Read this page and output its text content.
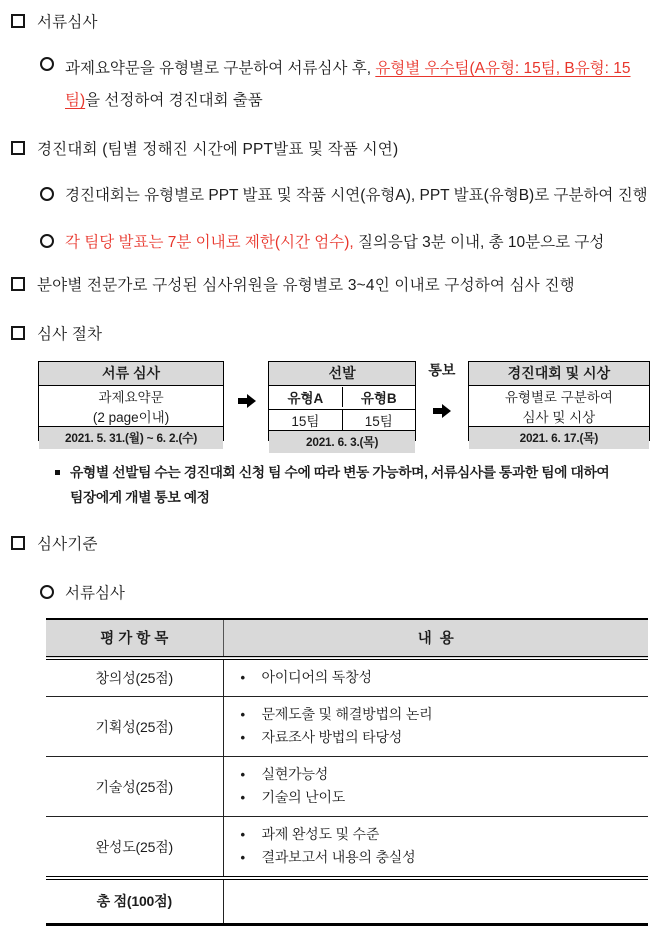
서류심사
과제요약문을 유형별로 구분하여 서류심사 후, 유형별 우수팀(A유형: 15팀, B유형: 15
팀)을 선정하여 경진대회 출품
경진대회 (팀별 정해진 시간에 PPT발표 및 작품 시연)
경진대회는 유형별로 PPT 발표 및 작품 시연(유형A), PPT 발표(유형B)로 구분하여 진행
각 팀당 발표는 7분 이내로 제한(시간 엄수), 질의응답 3분 이내, 총 10분으로 구성
분야별 전문가로 구성된 심사위원을 유형별로 3~4인 이내로 구성하여 심사 진행
심사 절차
서류 심사
과제요약문
(2 page이내)
2021. 5. 31.(월) ~ 6. 2.(수)
선발
유형A	유형B
15팀	15팀
2021. 6. 3.(목)
통보	경진대회 및 시상
유형별로 구분하여
심사 및 시상
2021. 6. 17.(목)
유형별 선발팀 수는 경진대회 신청 팀 수에 따라 변동 가능하며, 서류심사를 통과한 팀에 대하여
팀장에게 개별 통보 예정
심사기준
서류심사
평 가 항 목	내  용
창의성(25점)	• 아이디어의 독창성

기획성(25점)	• 문제도출 및 해결방법의 논리
• 자료조사 방법의 타당성

기술성(25점)	• 실현가능성
• 기술의 난이도

완성도(25점)	• 과제 완성도 및 수준
• 결과보고서 내용의 충실성

총 점(100점)	
